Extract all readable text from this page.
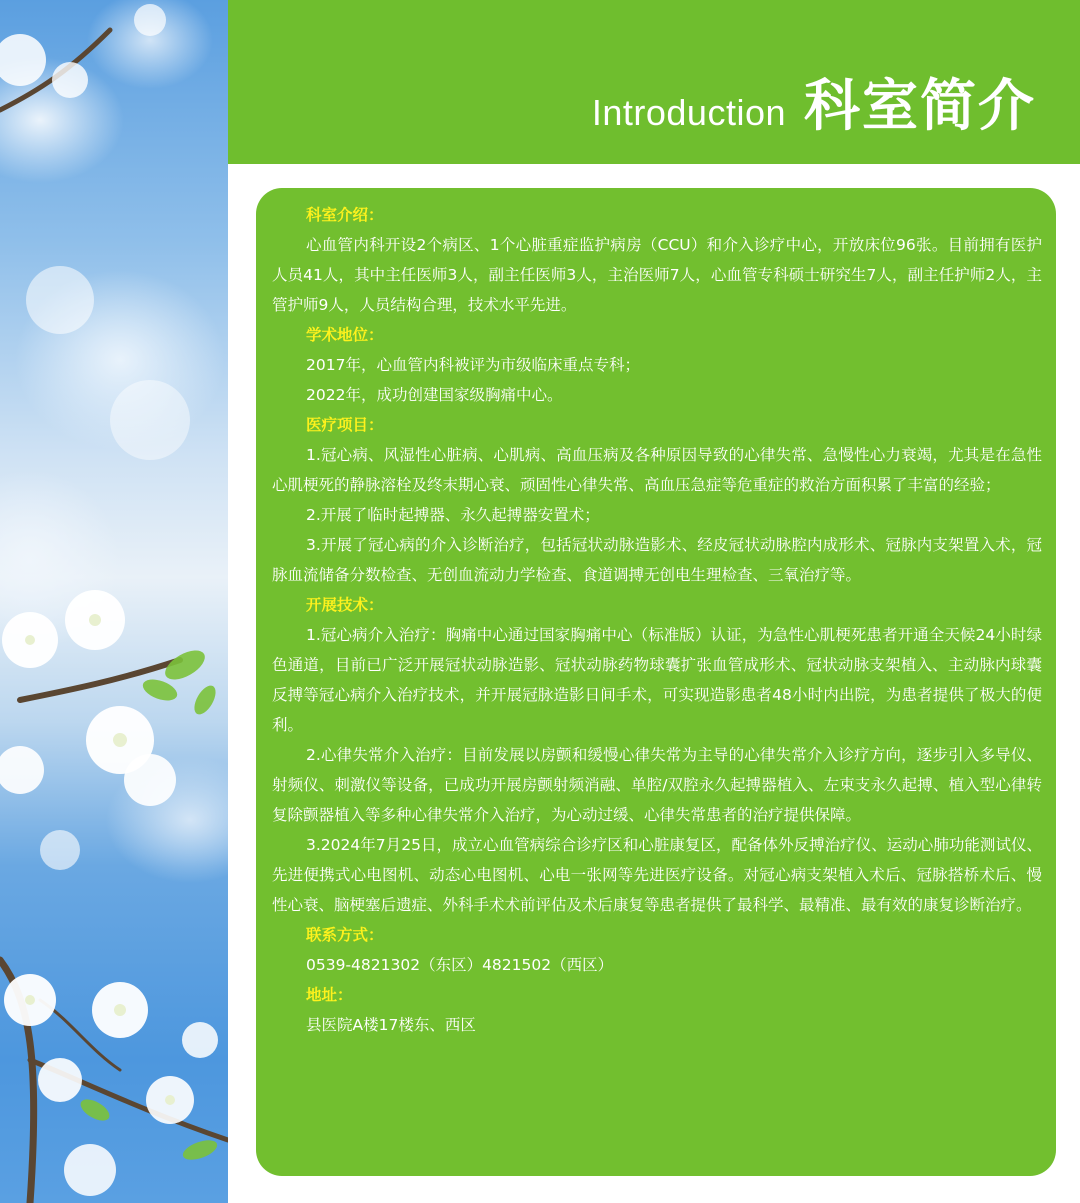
Introduction 科室简介
科室介绍：

心血管内科开设2个病区、1个心脏重症监护病房（CCU）和介入诊疗中心，开放床位96张。目前拥有医护人员41人，其中主任医师3人，副主任医师3人，主治医师7人，心血管专科硕士研究生7人，副主任护师2人，主管护师9人，人员结构合理，技术水平先进。

学术地位：

2017年，心血管内科被评为市级临床重点专科；

2022年，成功创建国家级胸痛中心。

医疗项目：

1.冠心病、风湿性心脏病、心肌病、高血压病及各种原因导致的心律失常、急慢性心力衰竭，尤其是在急性心肌梗死的静脉溶栓及终末期心衰、顽固性心律失常、高血压急症等危重症的救治方面积累了丰富的经验；

2.开展了临时起搏器、永久起搏器安置术；

3.开展了冠心病的介入诊断治疗，包括冠状动脉造影术、经皮冠状动脉腔内成形术、冠脉内支架置入术，冠脉血流储备分数检查、无创血流动力学检查、食道调搏无创电生理检查、三氧治疗等。

开展技术：

1.冠心病介入治疗：胸痛中心通过国家胸痛中心（标准版）认证，为急性心肌梗死患者开通全天候24小时绿色通道，目前已广泛开展冠状动脉造影、冠状动脉药物球囊扩张血管成形术、冠状动脉支架植入、主动脉内球囊反搏等冠心病介入治疗技术，并开展冠脉造影日间手术，可实现造影患者48小时内出院，为患者提供了极大的便利。

2.心律失常介入治疗：目前发展以房颤和缓慢心律失常为主导的心律失常介入诊疗方向，逐步引入多导仪、射频仪、刺激仪等设备，已成功开展房颤射频消融、单腔/双腔永久起搏器植入、左束支永久起搏、植入型心律转复除颤器植入等多种心律失常介入治疗，为心动过缓、心律失常患者的治疗提供保障。

3.2024年7月25日，成立心血管病综合诊疗区和心脏康复区，配备体外反搏治疗仪、运动心肺功能测试仪、先进便携式心电图机、动态心电图机、心电一张网等先进医疗设备。对冠心病支架植入术后、冠脉搭桥术后、慢性心衰、脑梗塞后遗症、外科手术术前评估及术后康复等患者提供了最科学、最精准、最有效的康复诊断治疗。

联系方式：

0539-4821302（东区）4821502（西区）

地址：

县医院A楼17楼东、西区
